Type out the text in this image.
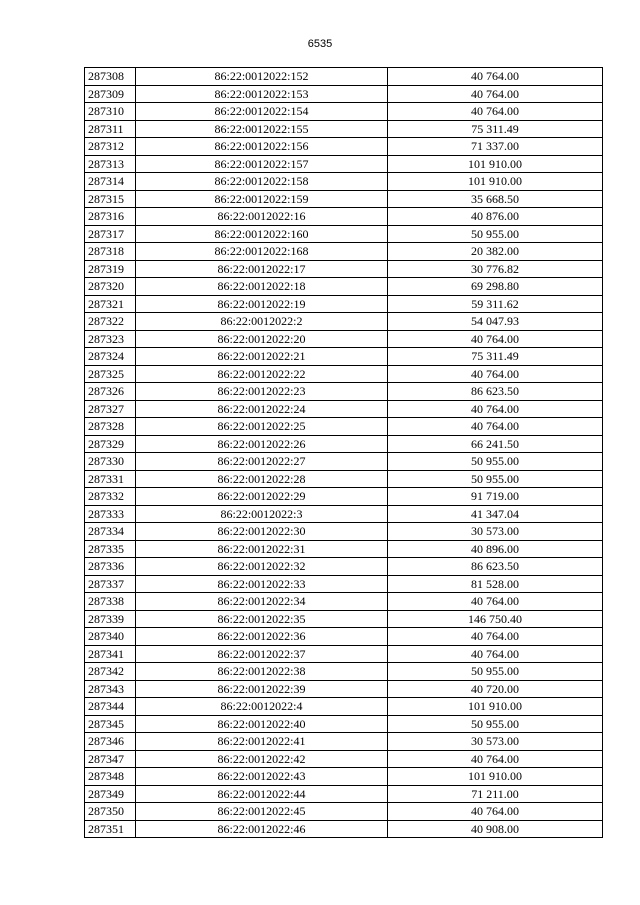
6535
287308	86:22:0012022:152	40 764.00
287309	86:22:0012022:153	40 764.00
287310	86:22:0012022:154	40 764.00
287311	86:22:0012022:155	75 311.49
287312	86:22:0012022:156	71 337.00
287313	86:22:0012022:157	101 910.00
287314	86:22:0012022:158	101 910.00
287315	86:22:0012022:159	35 668.50
287316	86:22:0012022:16	40 876.00
287317	86:22:0012022:160	50 955.00
287318	86:22:0012022:168	20 382.00
287319	86:22:0012022:17	30 776.82
287320	86:22:0012022:18	69 298.80
287321	86:22:0012022:19	59 311.62
287322	86:22:0012022:2	54 047.93
287323	86:22:0012022:20	40 764.00
287324	86:22:0012022:21	75 311.49
287325	86:22:0012022:22	40 764.00
287326	86:22:0012022:23	86 623.50
287327	86:22:0012022:24	40 764.00
287328	86:22:0012022:25	40 764.00
287329	86:22:0012022:26	66 241.50
287330	86:22:0012022:27	50 955.00
287331	86:22:0012022:28	50 955.00
287332	86:22:0012022:29	91 719.00
287333	86:22:0012022:3	41 347.04
287334	86:22:0012022:30	30 573.00
287335	86:22:0012022:31	40 896.00
287336	86:22:0012022:32	86 623.50
287337	86:22:0012022:33	81 528.00
287338	86:22:0012022:34	40 764.00
287339	86:22:0012022:35	146 750.40
287340	86:22:0012022:36	40 764.00
287341	86:22:0012022:37	40 764.00
287342	86:22:0012022:38	50 955.00
287343	86:22:0012022:39	40 720.00
287344	86:22:0012022:4	101 910.00
287345	86:22:0012022:40	50 955.00
287346	86:22:0012022:41	30 573.00
287347	86:22:0012022:42	40 764.00
287348	86:22:0012022:43	101 910.00
287349	86:22:0012022:44	71 211.00
287350	86:22:0012022:45	40 764.00
287351	86:22:0012022:46	40 908.00
